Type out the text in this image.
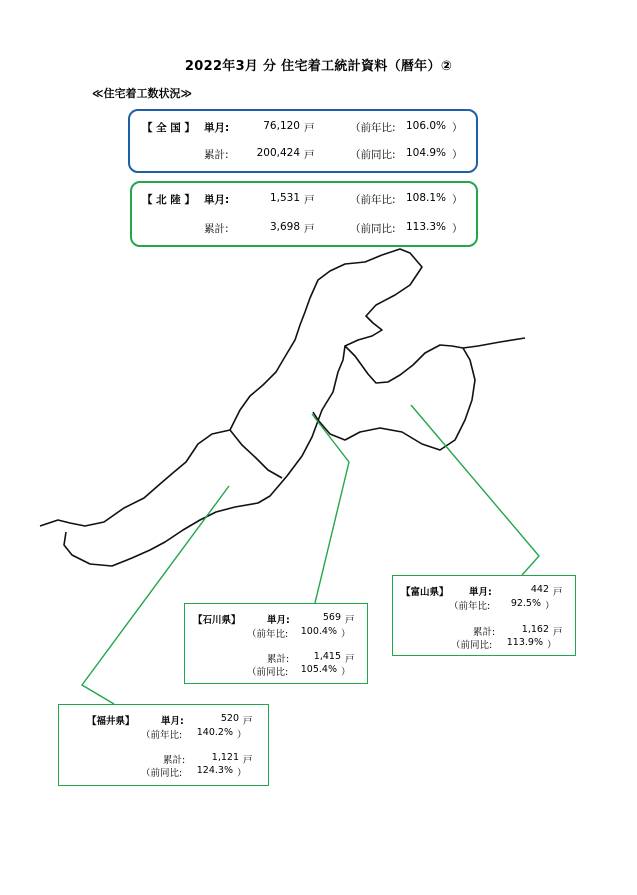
2022年3月 分 住宅着工統計資料（暦年）②
≪住宅着工数状況≫
【 全 国 】 単月:	76,120 戸	（前年比: 106.0% ）
累計:	200,424 戸	（前同比: 104.9% ）
【 北 陸 】 単月:	1,531 戸	（前年比: 108.1% ）
累計:	3,698 戸	（前同比: 113.3% ）
【石川県】	単月:	569 戸
（前年比:	100.4% ）
累計:	1,415 戸
（前同比:	105.4% ）
【富山県】 単月:	442 戸
（前年比:	92.5% ）
累計:	1,162 戸
（前同比:	113.9% ）
【福井県】	単月:	520 戸
（前年比:	140.2% ）
累計:	1,121 戸
（前同比:	124.3% ）
